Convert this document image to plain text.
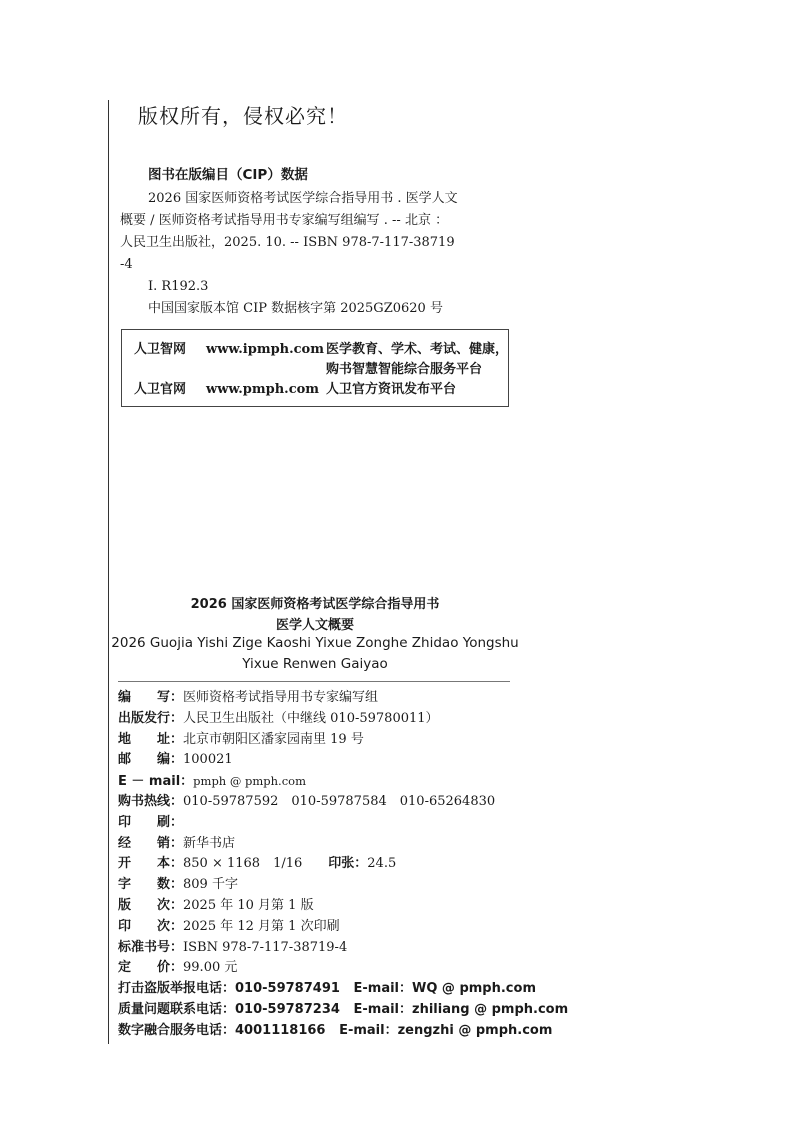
版权所有，侵权必究！
图书在版编目（CIP）数据

2026 国家医师资格考试医学综合指导用书 . 医学人文

概要 / 医师资格考试指导用书专家编写组编写 . -- 北京 ：

人民卫生出版社，2025. 10. -- ISBN 978-7-117-38719

-4

Ⅰ. R192.3

中国国家版本馆 CIP 数据核字第 2025GZ0620 号

人卫智网 www.ipmph.com 医学教育、学术、考试、健康，
购书智慧智能综合服务平台
人卫官网 www.pmph.com 人卫官方资讯发布平台
2026 国家医师资格考试医学综合指导用书
医学人文概要
2026 Guojia Yishi Zige Kaoshi Yixue Zonghe Zhidao Yongshu
Yixue Renwen Gaiyao
编　　写：医师资格考试指导用书专家编写组
出版发行：人民卫生出版社（中继线 010-59780011）
地　　址：北京市朝阳区潘家园南里 19 号
邮　　编：100021
E － mail：pmph @ pmph.com
购书热线：010-59787592　010-59787584　010-65264830
印　　刷：
经　　销：新华书店
开　　本：850 × 1168　1/16　　印张：24.5
字　　数：809 千字
版　　次：2025 年 10 月第 1 版
印　　次：2025 年 12 月第 1 次印刷
标准书号：ISBN 978-7-117-38719-4
定　　价：99.00 元
打击盗版举报电话：010-59787491 E-mail：WQ @ pmph.com
质量问题联系电话：010-59787234 E-mail：zhiliang @ pmph.com
数字融合服务电话：4001118166 E-mail：zengzhi @ pmph.com
